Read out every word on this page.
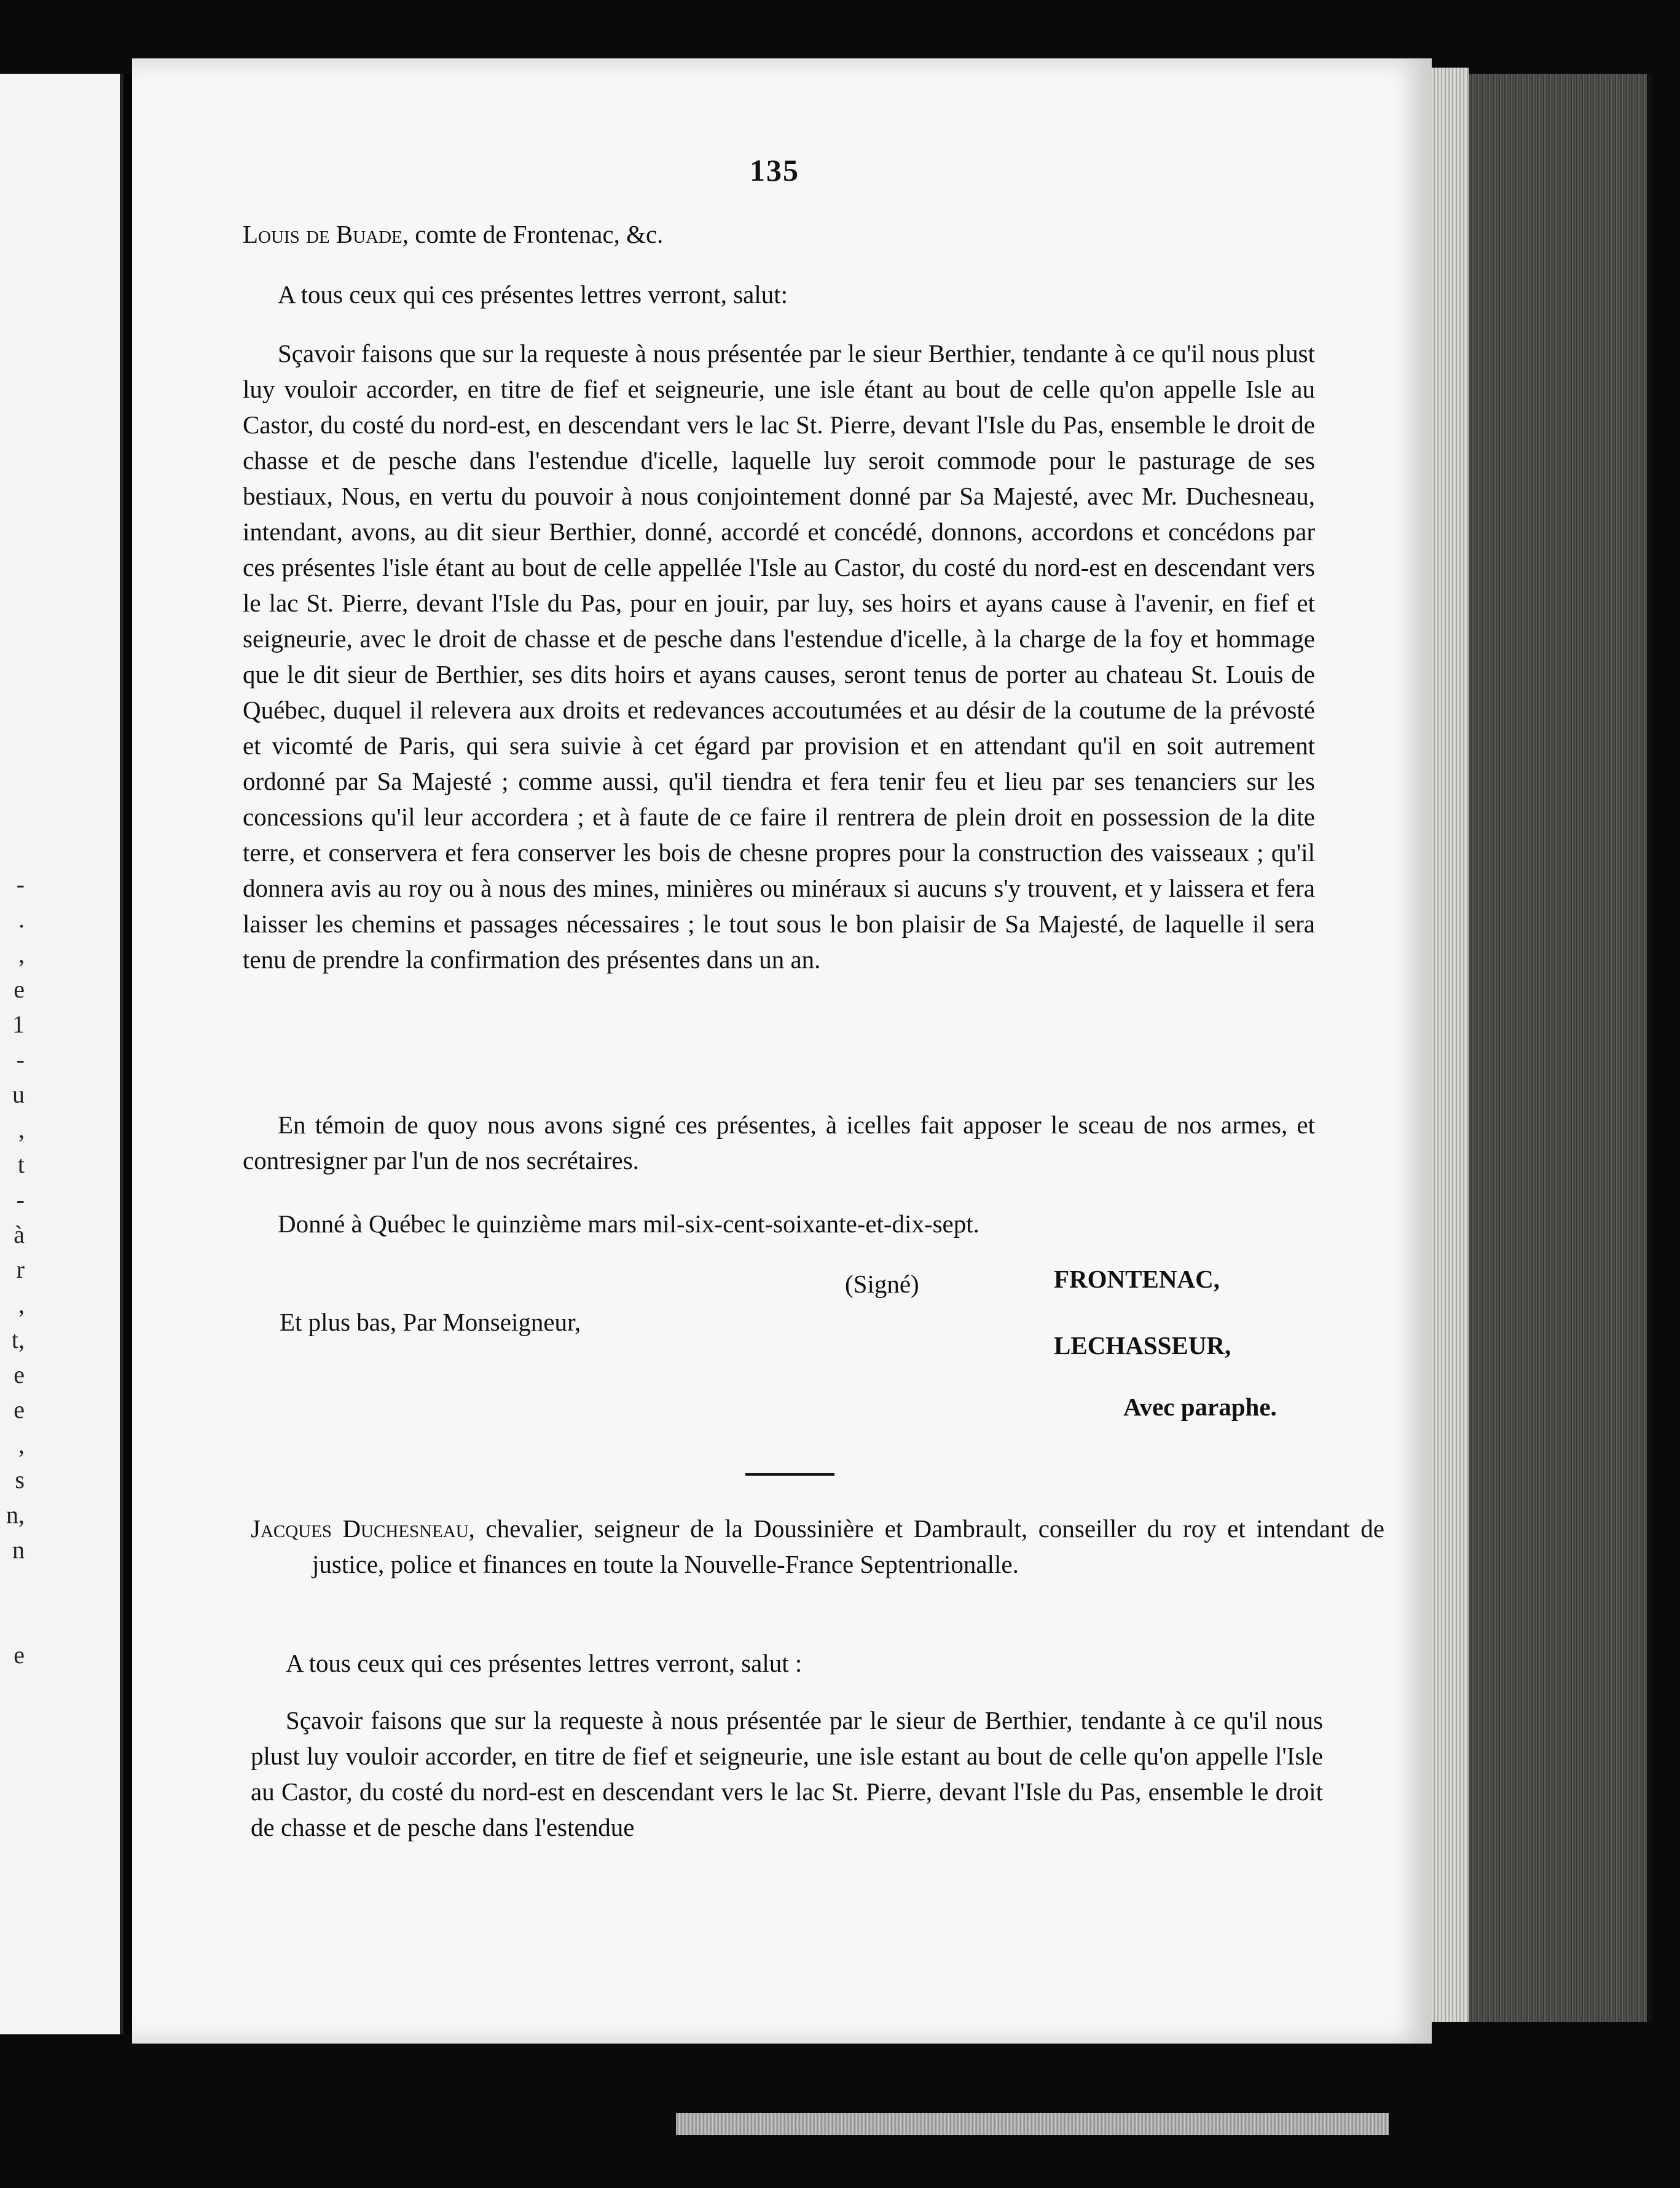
-
.
,
e
1
-
u
,
t
-
à
r
,
t,
e
e
,
s
n,
n
e
135
Louis de Buade, comte de Frontenac, &c.
A tous ceux qui ces présentes lettres verront, salut:
Sçavoir faisons que sur la requeste à nous présentée par le sieur Berthier, tendante à ce qu'il nous plust luy vouloir accorder, en titre de fief et seigneurie, une isle étant au bout de celle qu'on appelle Isle au Castor, du costé du nord-est, en descendant vers le lac St. Pierre, devant l'Isle du Pas, ensemble le droit de chasse et de pesche dans l'estendue d'icelle, laquelle luy seroit commode pour le pasturage de ses bestiaux, Nous, en vertu du pouvoir à nous conjointement donné par Sa Majesté, avec Mr. Duchesneau, intendant, avons, au dit sieur Berthier, donné, accordé et concédé, donnons, accordons et concédons par ces présentes l'isle étant au bout de celle appellée l'Isle au Castor, du costé du nord-est en descendant vers le lac St. Pierre, devant l'Isle du Pas, pour en jouir, par luy, ses hoirs et ayans cause à l'avenir, en fief et seigneurie, avec le droit de chasse et de pesche dans l'estendue d'icelle, à la charge de la foy et hommage que le dit sieur de Berthier, ses dits hoirs et ayans causes, seront tenus de porter au chateau St. Louis de Québec, duquel il relevera aux droits et redevances accoutumées et au désir de la coutume de la prévosté et vicomté de Paris, qui sera suivie à cet égard par provision et en attendant qu'il en soit autrement ordonné par Sa Majesté ; comme aussi, qu'il tiendra et fera tenir feu et lieu par ses tenanciers sur les concessions qu'il leur accordera ; et à faute de ce faire il rentrera de plein droit en possession de la dite terre, et conservera et fera conserver les bois de chesne propres pour la construction des vaisseaux ; qu'il donnera avis au roy ou à nous des mines, minières ou minéraux si aucuns s'y trouvent, et y laissera et fera laisser les chemins et passages nécessaires ; le tout sous le bon plaisir de Sa Majesté, de laquelle il sera tenu de prendre la confirmation des présentes dans un an.
En témoin de quoy nous avons signé ces présentes, à icelles fait apposer le sceau de nos armes, et contresigner par l'un de nos secrétaires.
Donné à Québec le quinzième mars mil-six-cent-soixante-et-dix-sept.
(Signé)	FRONTENAC,
Et plus bas, Par Monseigneur,
LECHASSEUR,
Avec paraphe.
Jacques Duchesneau, chevalier, seigneur de la Doussinière et Dambrault, conseiller du roy et intendant de justice, police et finances en toute la Nouvelle-France Septentrionalle.
A tous ceux qui ces présentes lettres verront, salut :
Sçavoir faisons que sur la requeste à nous présentée par le sieur de Berthier, tendante à ce qu'il nous plust luy vouloir accorder, en titre de fief et seigneurie, une isle estant au bout de celle qu'on appelle l'Isle au Castor, du costé du nord-est en descendant vers le lac St. Pierre, devant l'Isle du Pas, ensemble le droit de chasse et de pesche dans l'estendue
